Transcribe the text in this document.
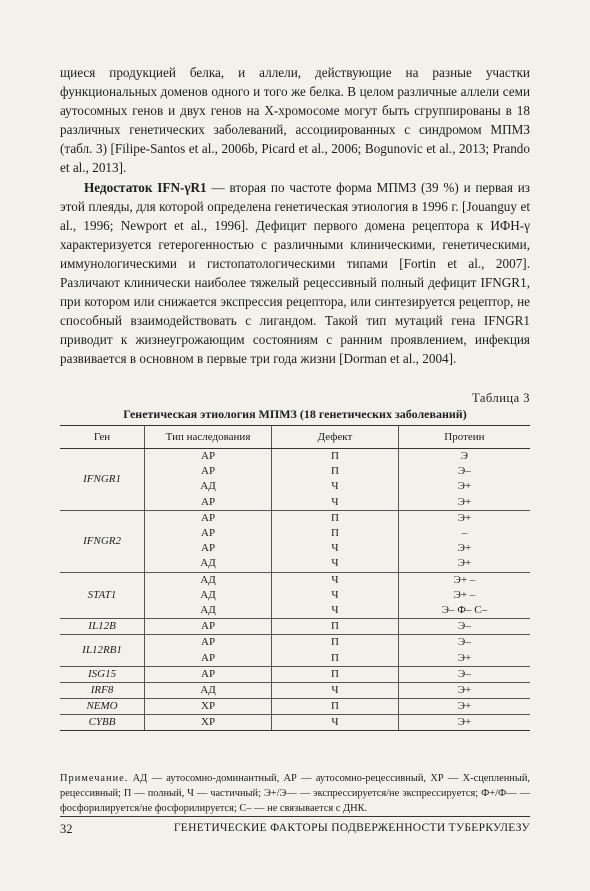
щиеся продукцией белка, и аллели, действующие на разные участки функциональных доменов одного и того же белка. В целом различные аллели семи аутосомных генов и двух генов на Х-хромосоме могут быть сгруппированы в 18 различных генетических заболеваний, ассоциированных с синдромом МПМЗ (табл. 3) [Filipe-Santos et al., 2006b, Picard et al., 2006; Bogunovic et al., 2013; Prando et al., 2013].

Недостаток IFN-γR1 — вторая по частоте форма МПМЗ (39 %) и первая из этой плеяды, для которой определена генетическая этиология в 1996 г. [Jouanguy et al., 1996; Newport et al., 1996]. Дефицит первого домена рецептора к ИФН-γ характеризуется гетерогенностью с различными клиническими, генетическими, иммунологическими и гистопатологическими типами [Fortin et al., 2007]. Различают клинически наиболее тяжелый рецессивный полный дефицит IFNGR1, при котором или снижается экспрессия рецептора, или синтезируется рецептор, не способный взаимодействовать с лигандом. Такой тип мутаций гена IFNGR1 приводит к жизнеугрожающим состояниям с ранним проявлением, инфекция развивается в основном в первые три года жизни [Dorman et al., 2004].

Таблица 3
Генетическая этиология МПМЗ (18 генетических заболеваний)
Ген	Тип наследования	Дефект	Протеин
IFNGR1	АР	П	Э
	АР	П	Э–
	АД	Ч	Э+
	АР	Ч	Э+
IFNGR2	АР	П	Э+
	АР	П	–
	АР	Ч	Э+
	АД	Ч	Э+
STAT1	АД	Ч	Э+ –
	АД	Ч	Э+ –
	АД	Ч	Э– Ф– С–
IL12B	АР	П	Э–
IL12RB1	АР	П	Э–
	АР	П	Э+
ISG15	АР	П	Э–
IRF8	АД	Ч	Э+
NEMO	ХР	П	Э+
CYBB	ХР	Ч	Э+
Примечание. АД — аутосомно-доминантный, АР — аутосомно-рецессивный, ХР — Х-сцепленный, рецессивный; П — полный, Ч — частичный; Э+/Э— — экспрессируется/не экспрессируется; Ф+/Ф— — фосфорилируется/не фосфорилируется; С– — не связывается с ДНК.
32	ГЕНЕТИЧЕСКИЕ ФАКТОРЫ ПОДВЕРЖЕННОСТИ ТУБЕРКУЛЕЗУ
